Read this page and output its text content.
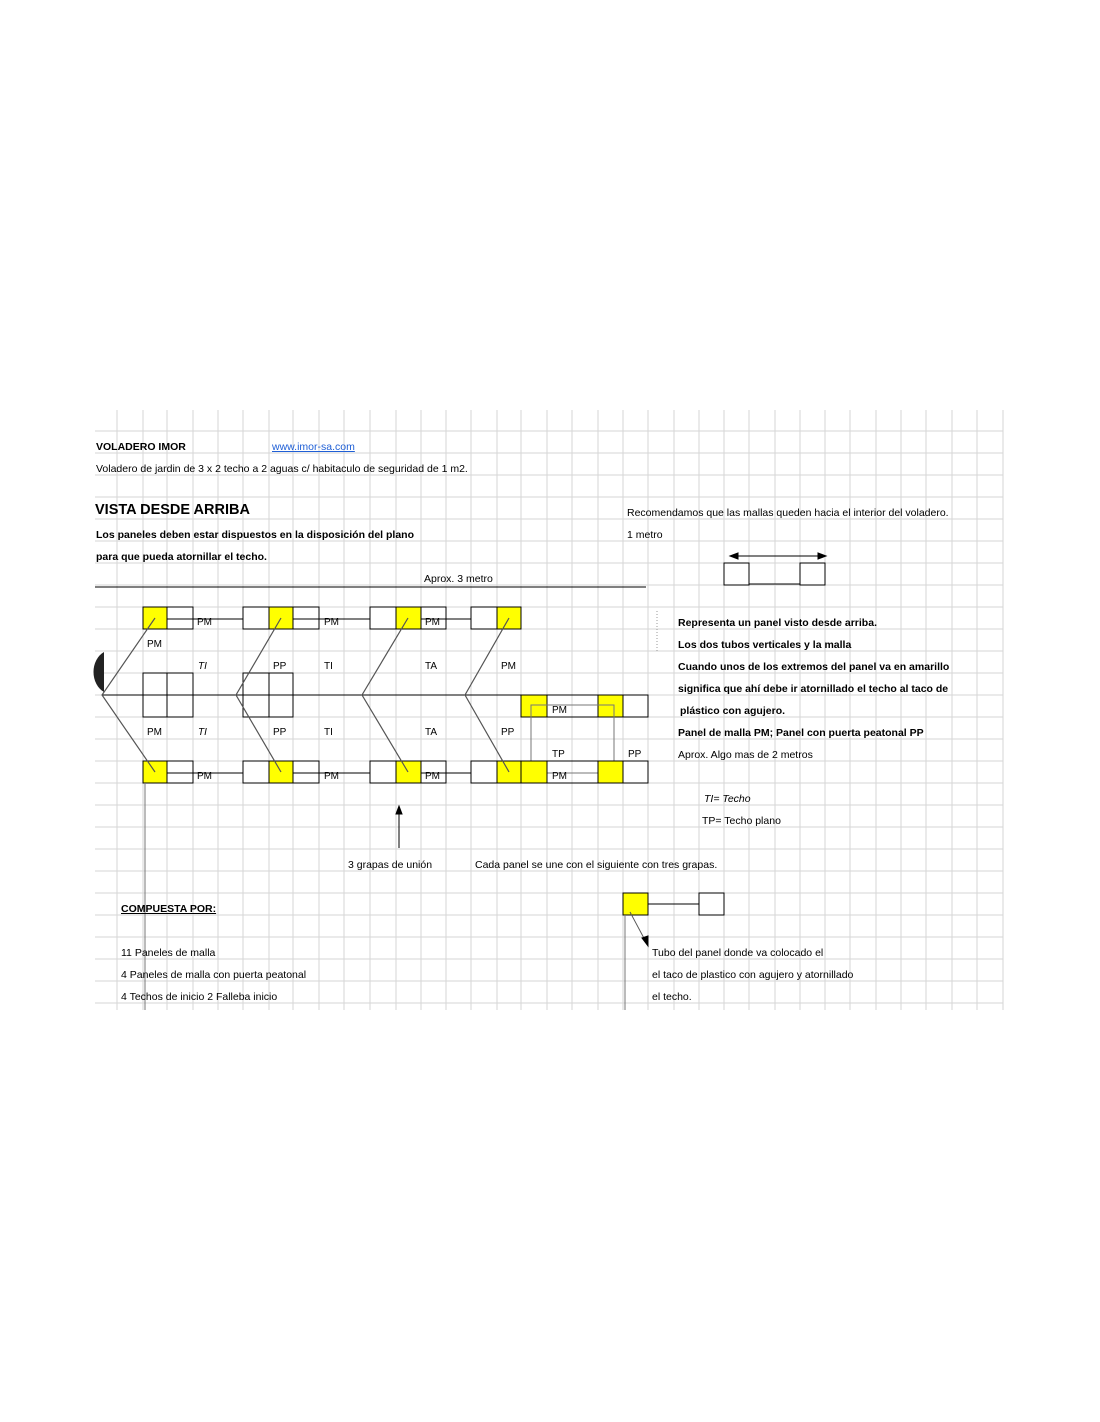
VOLADERO IMOR	www.imor-sa.com
Voladero de jardin de 3 x 2 techo a 2 aguas c/ habitaculo de seguridad de 1 m2.
VISTA DESDE ARRIBA	Recomendamos que las mallas queden hacia el interior del voladero.
Los paneles deben estar dispuestos en la disposición del plano	1 metro
para que pueda atornillar el techo.
Aprox. 3 metro
Representa un panel visto desde arriba.
Los dos tubos verticales y la malla
Cuando unos de los extremos del panel va en amarillo
significa que ahí debe ir atornillado el techo al taco de
plástico con agujero.
Panel de malla PM; Panel con puerta peatonal PP
Aprox. Algo mas de 2 metros
TI= Techo
TP= Techo plano
PM	PM	PM
PM
TI	PP	TI	TA	PM
PM
PM	TI	PP	TI	TA	PP
TP	PP
PM	PM	PM	PM
3 grapas de unión	Cada panel se une con el siguiente con tres grapas.
COMPUESTA POR:
11 Paneles de malla
4 Paneles de malla con puerta peatonal
4 Techos de inicio 2 Falleba inicio
Tubo del panel donde va colocado el
el taco de plastico con agujero y atornillado
el techo.
